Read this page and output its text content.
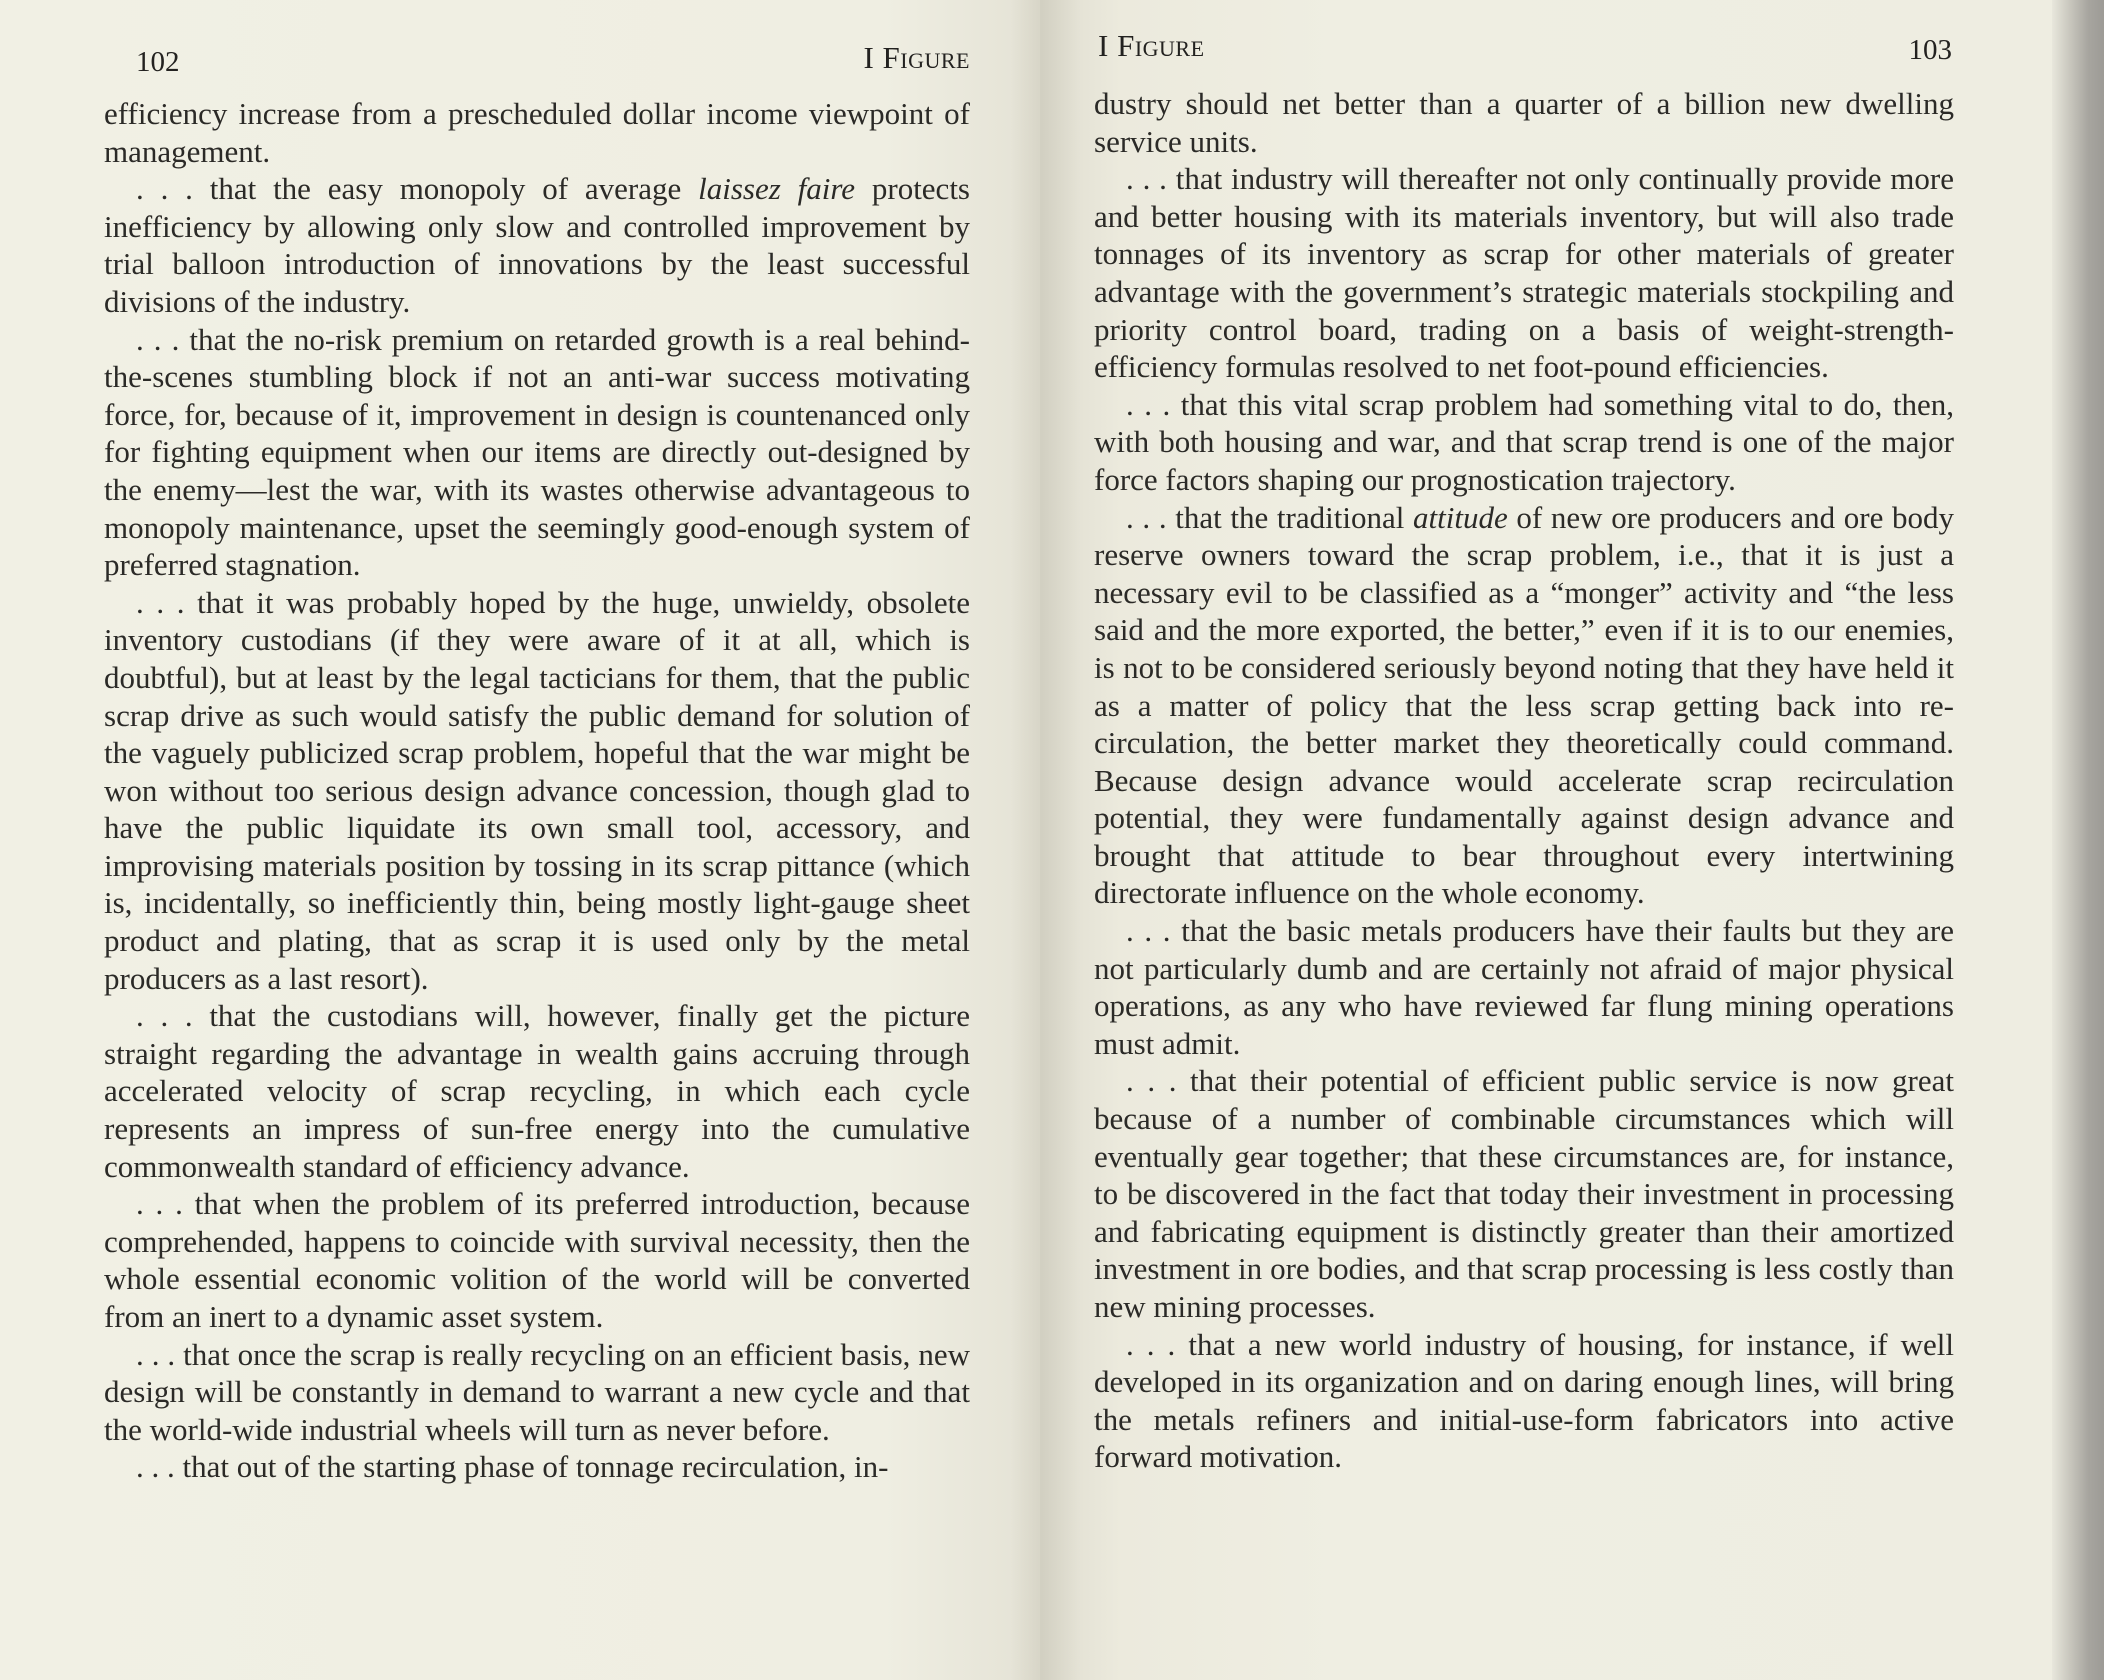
102	I Figure

efficiency increase from a prescheduled dollar income viewpoint of management.

. . . that the easy monopoly of average laissez faire protects inefficiency by allowing only slow and controlled improvement by trial balloon introduction of innovations by the least successful divisions of the industry.

. . . that the no-risk premium on retarded growth is a real behind-the-scenes stumbling block if not an anti-war success motivating force, for, because of it, improvement in design is countenanced only for fighting equipment when our items are directly out-designed by the enemy—lest the war, with its wastes otherwise advantageous to monopoly maintenance, upset the seemingly good-enough system of preferred stagnation.

. . . that it was probably hoped by the huge, unwieldy, obsolete inventory custodians (if they were aware of it at all, which is doubtful), but at least by the legal tacticians for them, that the public scrap drive as such would satisfy the public demand for solution of the vaguely publicized scrap problem, hopeful that the war might be won without too serious design advance concession, though glad to have the public liquidate its own small tool, accessory, and improvising materials position by tossing in its scrap pittance (which is, incidentally, so inefficiently thin, being mostly light-gauge sheet product and plating, that as scrap it is used only by the metal producers as a last resort).

. . . that the custodians will, however, finally get the picture straight regarding the advantage in wealth gains accruing through accelerated velocity of scrap recycling, in which each cycle represents an impress of sun-free energy into the cumulative commonwealth standard of efficiency advance.

. . . that when the problem of its preferred introduction, because comprehended, happens to coincide with survival necessity, then the whole essential economic volition of the world will be converted from an inert to a dynamic asset system.

. . . that once the scrap is really recycling on an efficient basis, new design will be constantly in demand to warrant a new cycle and that the world-wide industrial wheels will turn as never before.

. . . that out of the starting phase of tonnage recirculation, in-

I Figure	103

dustry should net better than a quarter of a billion new dwelling service units.

. . . that industry will thereafter not only continually provide more and better housing with its materials inventory, but will also trade tonnages of its inventory as scrap for other materials of greater advantage with the government’s strategic materials stockpiling and priority control board, trading on a basis of weight-strength-efficiency formulas resolved to net foot-pound efficiencies.

. . . that this vital scrap problem had something vital to do, then, with both housing and war, and that scrap trend is one of the major force factors shaping our prognostication trajectory.

. . . that the traditional attitude of new ore producers and ore body reserve owners toward the scrap problem, i.e., that it is just a necessary evil to be classified as a “monger” activity and “the less said and the more exported, the better,” even if it is to our enemies, is not to be considered seriously beyond noting that they have held it as a matter of policy that the less scrap getting back into re-circulation, the better market they theoretically could command. Because design advance would accelerate scrap recirculation potential, they were fundamentally against design advance and brought that attitude to bear throughout every intertwining directorate influence on the whole economy.

. . . that the basic metals producers have their faults but they are not particularly dumb and are certainly not afraid of major physical operations, as any who have reviewed far flung mining operations must admit.

. . . that their potential of efficient public service is now great because of a number of combinable circumstances which will eventually gear together; that these circumstances are, for instance, to be discovered in the fact that today their investment in processing and fabricating equipment is distinctly greater than their amortized investment in ore bodies, and that scrap processing is less costly than new mining processes.

. . . that a new world industry of housing, for instance, if well developed in its organization and on daring enough lines, will bring the metals refiners and initial-use-form fabricators into active forward motivation.
